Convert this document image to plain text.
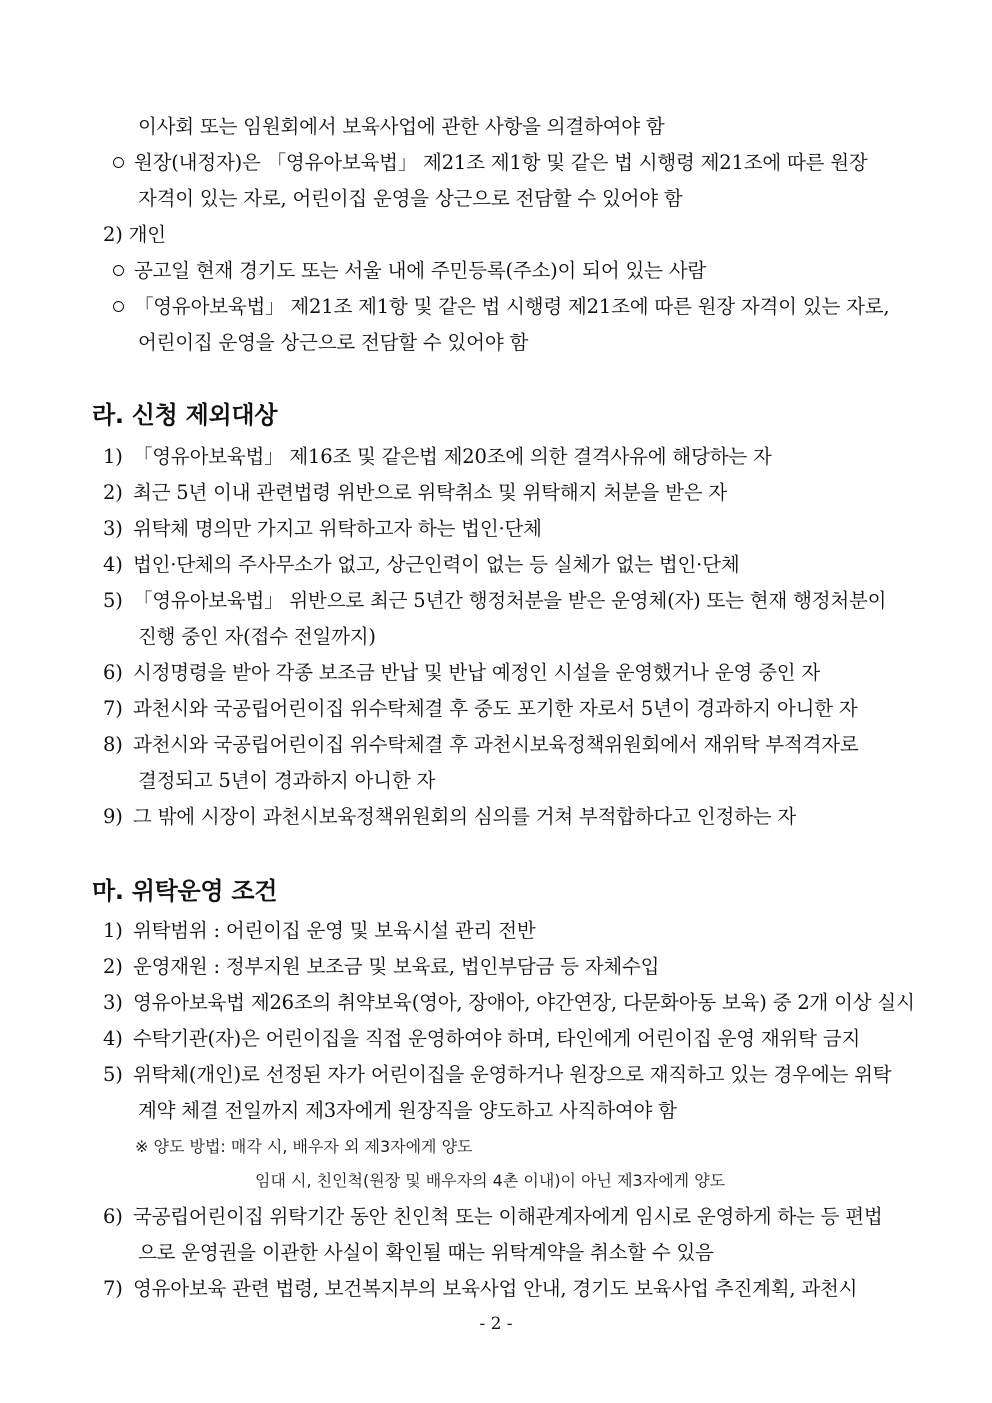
이사회 또는 임원회에서 보육사업에 관한 사항을 의결하여야 함
원장(내정자)은 「영유아보육법」 제21조 제1항 및 같은 법 시행령 제21조에 따른 원장
자격이 있는 자로, 어린이집 운영을 상근으로 전담할 수 있어야 함
2) 개인
공고일 현재 경기도 또는 서울 내에 주민등록(주소)이 되어 있는 사람
「영유아보육법」 제21조 제1항 및 같은 법 시행령 제21조에 따른 원장 자격이 있는 자로,
어린이집 운영을 상근으로 전담할 수 있어야 함
라. 신청 제외대상
1) 「영유아보육법」 제16조 및 같은법 제20조에 의한 결격사유에 해당하는 자
2) 최근 5년 이내 관련법령 위반으로 위탁취소 및 위탁해지 처분을 받은 자
3) 위탁체 명의만 가지고 위탁하고자 하는 법인·단체
4) 법인·단체의 주사무소가 없고, 상근인력이 없는 등 실체가 없는 법인·단체
5) 「영유아보육법」 위반으로 최근 5년간 행정처분을 받은 운영체(자) 또는 현재 행정처분이
진행 중인 자(접수 전일까지)
6) 시정명령을 받아 각종 보조금 반납 및 반납 예정인 시설을 운영했거나 운영 중인 자
7) 과천시와 국공립어린이집 위수탁체결 후 중도 포기한 자로서 5년이 경과하지 아니한 자
8) 과천시와 국공립어린이집 위수탁체결 후 과천시보육정책위원회에서 재위탁 부적격자로
결정되고 5년이 경과하지 아니한 자
9) 그 밖에 시장이 과천시보육정책위원회의 심의를 거쳐 부적합하다고 인정하는 자
마. 위탁운영 조건
1) 위탁범위 : 어린이집 운영 및 보육시설 관리 전반
2) 운영재원 : 정부지원 보조금 및 보육료, 법인부담금 등 자체수입
3) 영유아보육법 제26조의 취약보육(영아, 장애아, 야간연장, 다문화아동 보육) 중 2개 이상 실시
4) 수탁기관(자)은 어린이집을 직접 운영하여야 하며, 타인에게 어린이집 운영 재위탁 금지
5) 위탁체(개인)로 선정된 자가 어린이집을 운영하거나 원장으로 재직하고 있는 경우에는 위탁
계약 체결 전일까지 제3자에게 원장직을 양도하고 사직하여야 함
※ 양도 방법: 매각 시, 배우자 외 제3자에게 양도
임대 시, 친인척(원장 및 배우자의 4촌 이내)이 아닌 제3자에게 양도
6) 국공립어린이집 위탁기간 동안 친인척 또는 이해관계자에게 임시로 운영하게 하는 등 편법
으로 운영권을 이관한 사실이 확인될 때는 위탁계약을 취소할 수 있음
7) 영유아보육 관련 법령, 보건복지부의 보육사업 안내, 경기도 보육사업 추진계획, 과천시
- 2 -
